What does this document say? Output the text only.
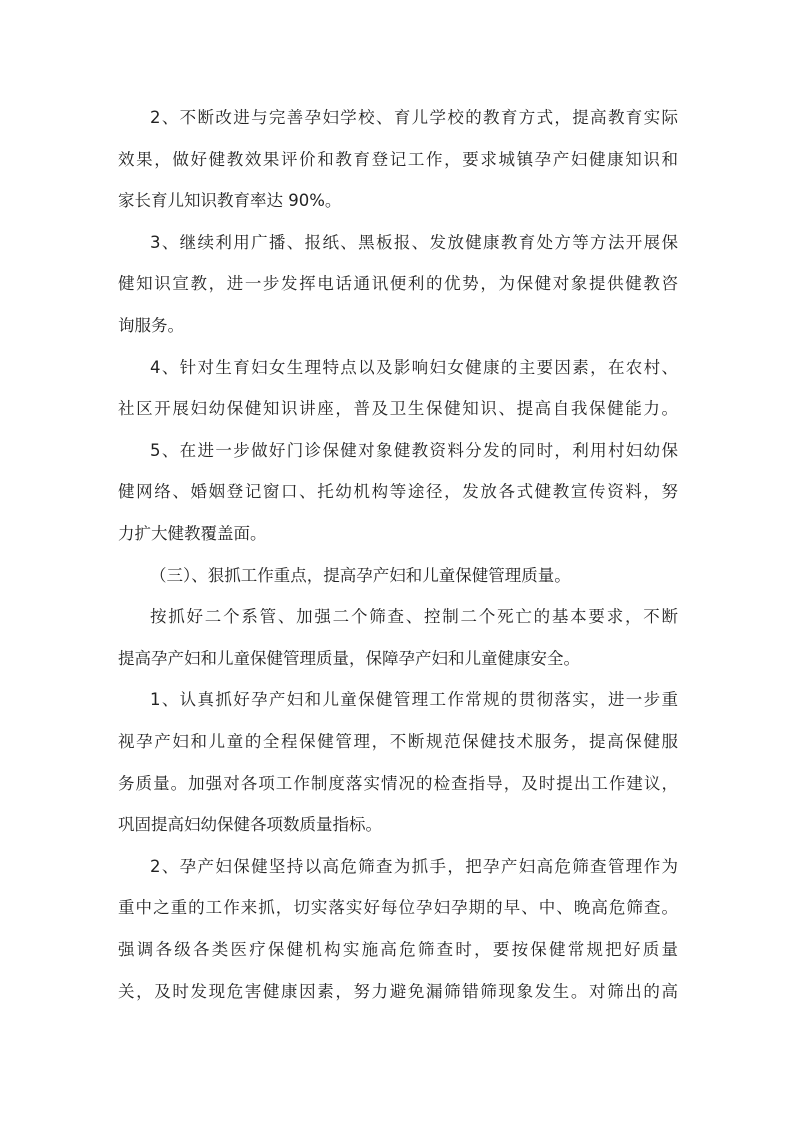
2、不断改进与完善孕妇学校、育儿学校的教育方式，提高教育实际
效果，做好健教效果评价和教育登记工作，要求城镇孕产妇健康知识和
家长育儿知识教育率达 90%。
3、继续利用广播、报纸、黑板报、发放健康教育处方等方法开展保
健知识宣教，进一步发挥电话通讯便利的优势，为保健对象提供健教咨
询服务。
4、针对生育妇女生理特点以及影响妇女健康的主要因素，在农村、
社区开展妇幼保健知识讲座，普及卫生保健知识、提高自我保健能力。
5、在进一步做好门诊保健对象健教资料分发的同时，利用村妇幼保
健网络、婚姻登记窗口、托幼机构等途径，发放各式健教宣传资料，努
力扩大健教覆盖面。
（三）、狠抓工作重点，提高孕产妇和儿童保健管理质量。
按抓好二个系管、加强二个筛查、控制二个死亡的基本要求，不断
提高孕产妇和儿童保健管理质量，保障孕产妇和儿童健康安全。
1、认真抓好孕产妇和儿童保健管理工作常规的贯彻落实，进一步重
视孕产妇和儿童的全程保健管理，不断规范保健技术服务，提高保健服
务质量。加强对各项工作制度落实情况的检查指导，及时提出工作建议，
巩固提高妇幼保健各项数质量指标。
2、孕产妇保健坚持以高危筛查为抓手，把孕产妇高危筛查管理作为
重中之重的工作来抓，切实落实好每位孕妇孕期的早、中、晚高危筛查。
强调各级各类医疗保健机构实施高危筛查时，要按保健常规把好质量
关，及时发现危害健康因素，努力避免漏筛错筛现象发生。对筛出的高
